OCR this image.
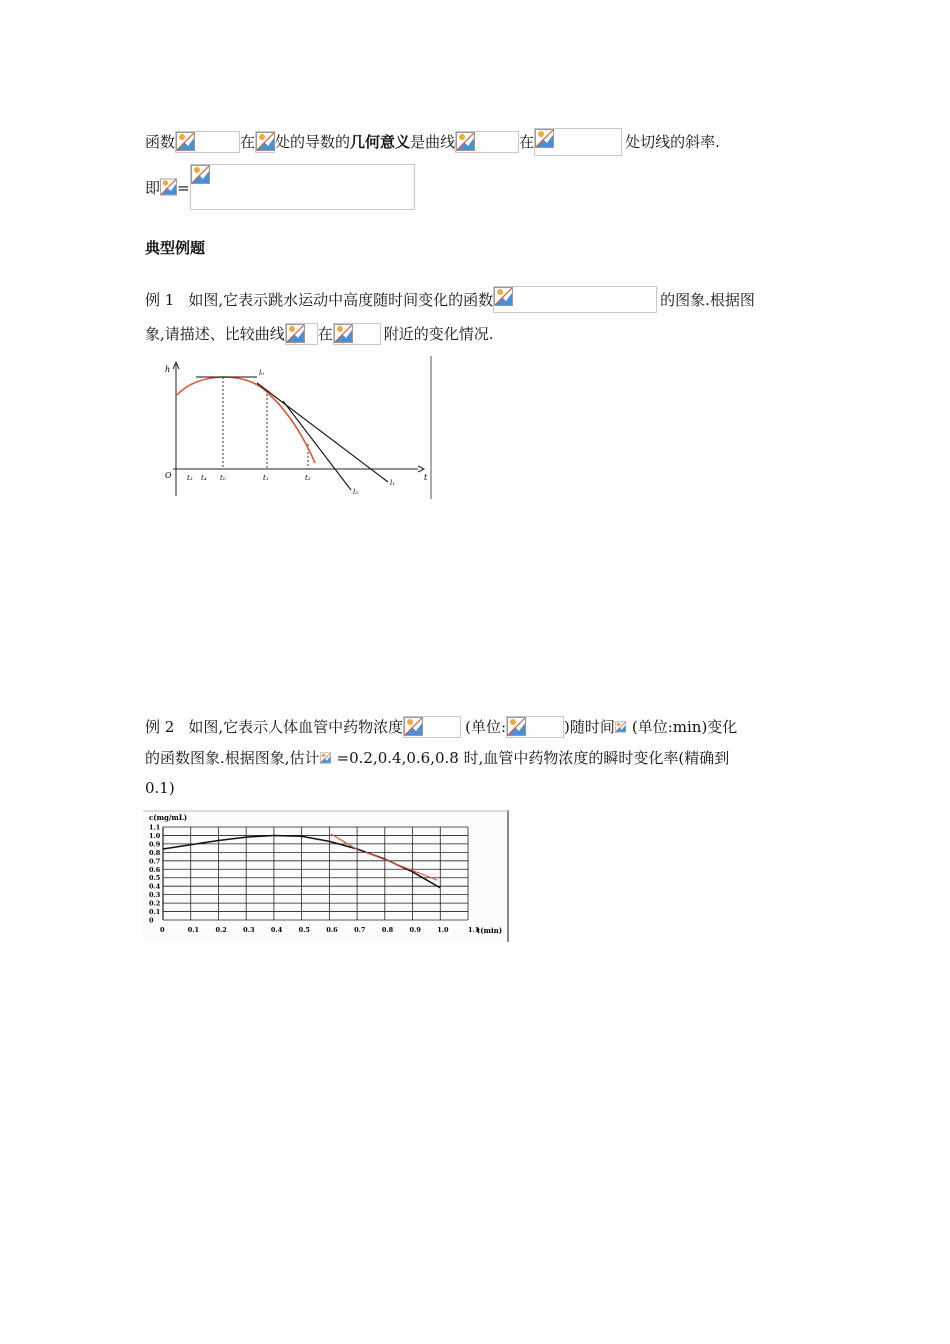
函数	在 处的导数的 几何意义 是曲线	在	处切线的斜率.
即 =
典型例题
例 1 如图,它表示跳水运动中高度随时间变化的函数	的图象.根据图
象,请描述、比较曲线 在	附近的变化情况.
h
t
O t₃ t₄ t₀	t₁	t₂
l₀
l₁
l₂
例 2 如图,它表示人体血管中药物浓度	(单位:	)随时间 (单位:min)变化
的函数图象.根据图象,估计 =0.2,0.4,0.6,0.8 时,血管中药物浓度的瞬时变化率(精确到
0.1)
0	0.1	0.2	0.3	0.4	0.5	0.6	0.7	0.8	0.9	1.0	1.1
1.1
1.0
0.9
0.8
0.7
0.6
0.5
0.4
0.3
0.2
0.1
0
c(mg/mL)
t(min)
